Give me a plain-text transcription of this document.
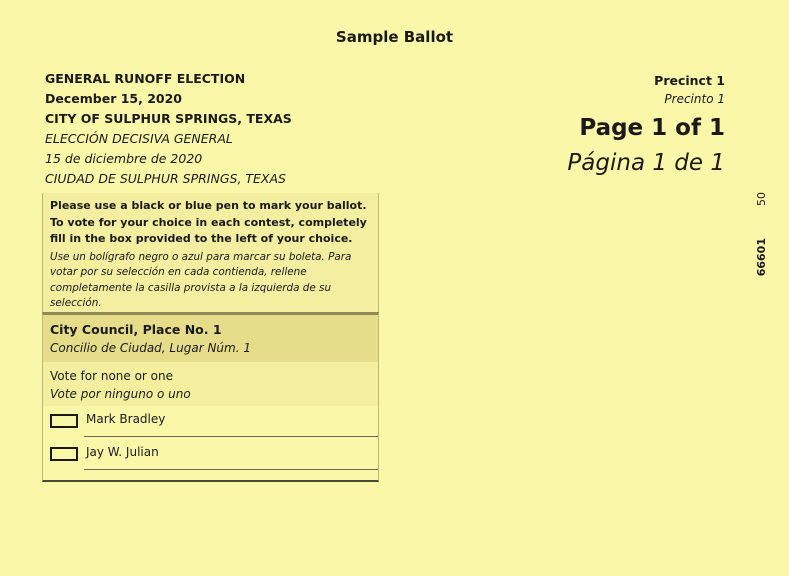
Sample Ballot
GENERAL RUNOFF ELECTION
December 15, 2020
CITY OF SULPHUR SPRINGS, TEXAS
ELECCIÓN DECISIVA GENERAL
15 de diciembre de 2020
CIUDAD DE SULPHUR SPRINGS, TEXAS
Precinct 1
Precinto 1
Page 1 of 1
Página 1 de 1
50
66601
Please use a black or blue pen to mark your ballot. To vote for your choice in each contest, completely fill in the box provided to the left of your choice.
Use un bolígrafo negro o azul para marcar su boleta. Para votar por su selección en cada contienda, rellene completamente la casilla provista a la izquierda de su selección.
City Council, Place No. 1
Concilio de Ciudad, Lugar Núm. 1
Vote for none or one
Vote por ninguno o uno
Mark Bradley
Jay W. Julian
